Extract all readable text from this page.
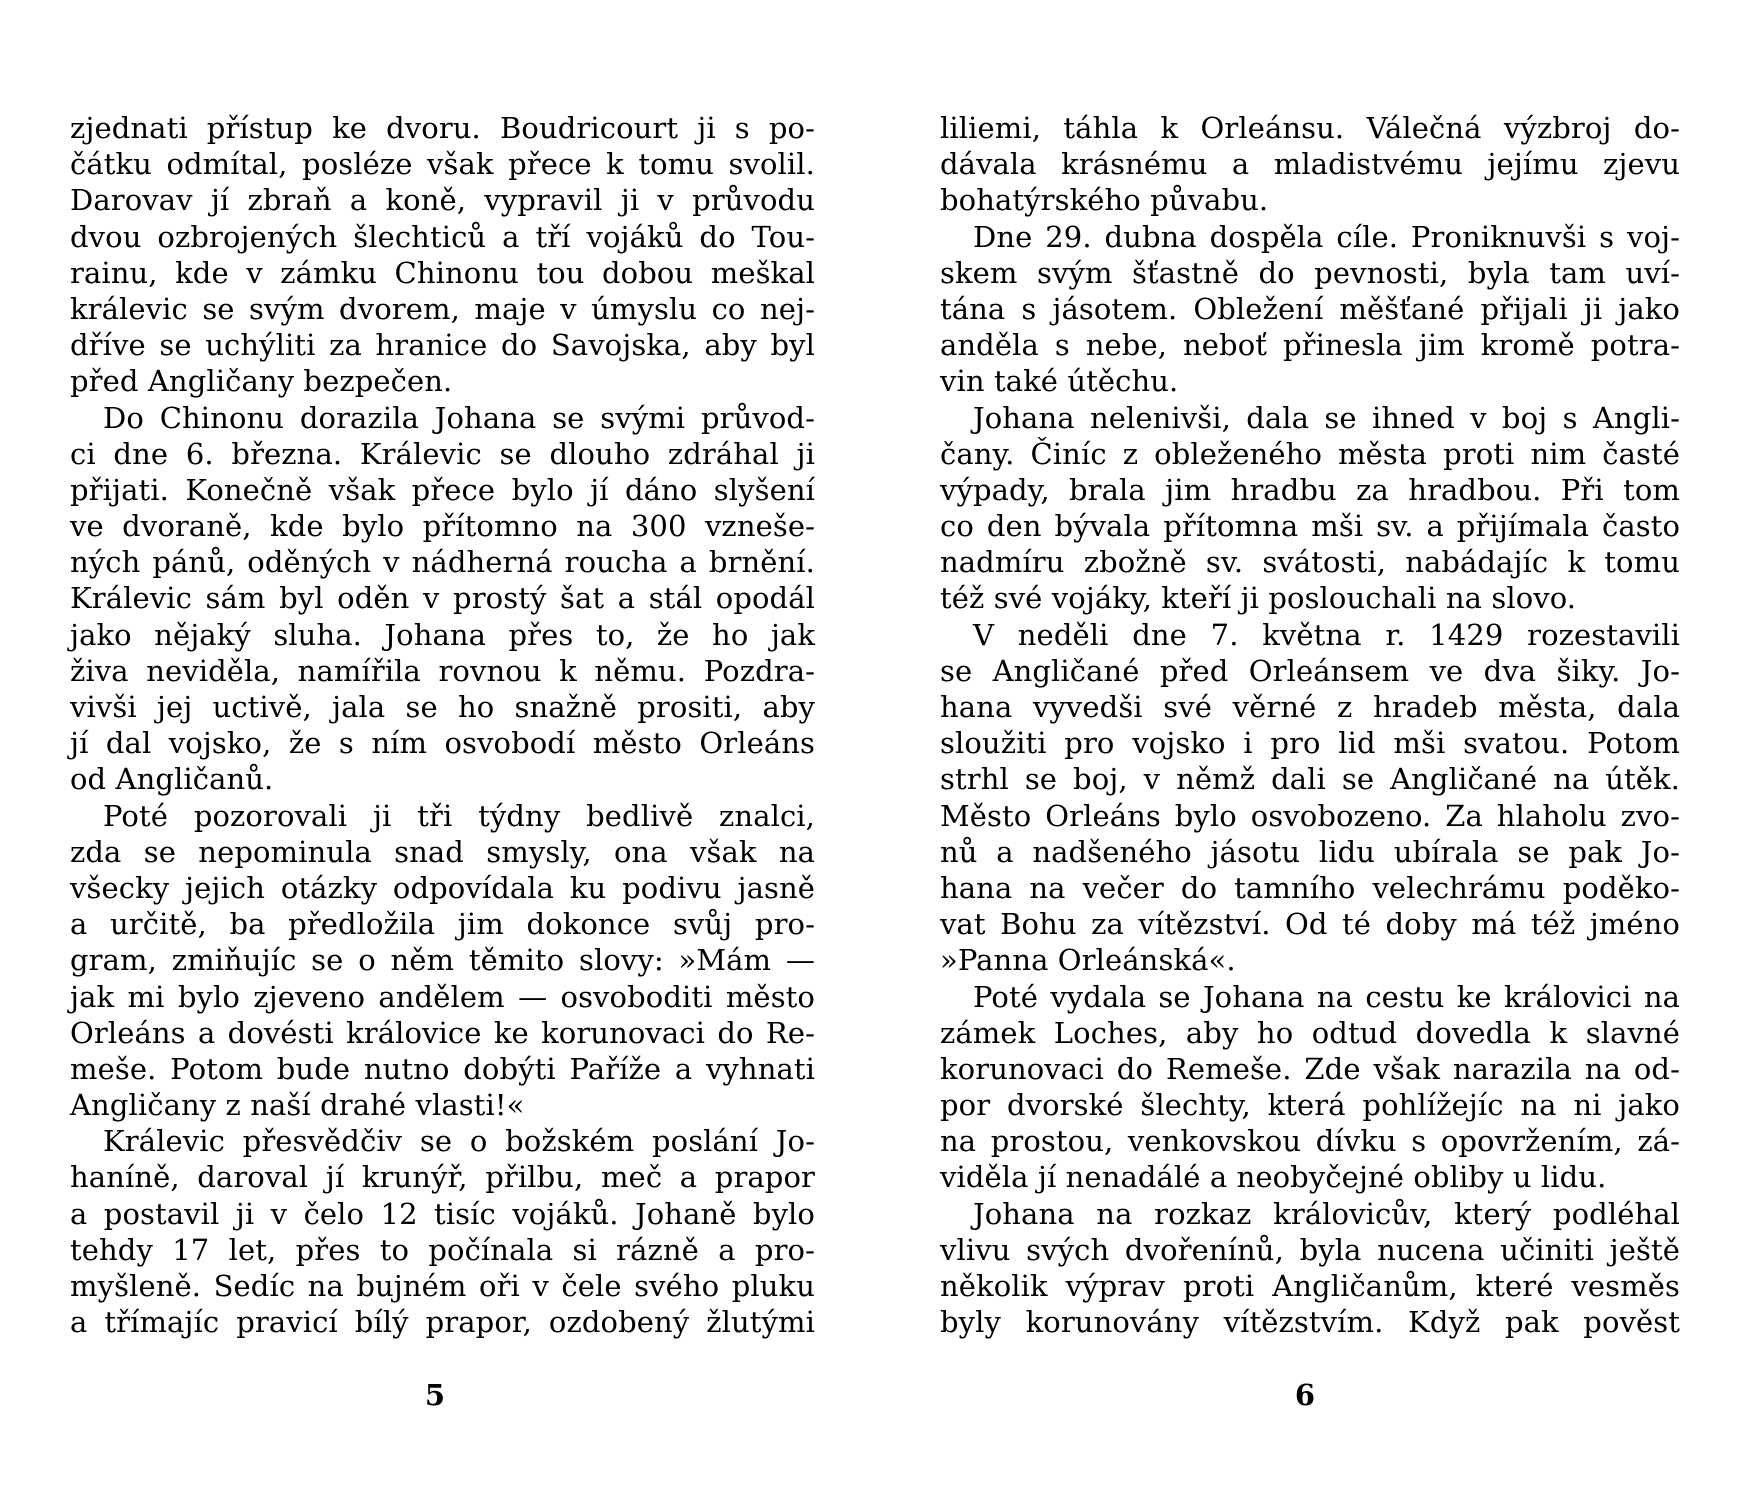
zjednati přístup ke dvoru. Boudricourt ji s po-
čátku odmítal, posléze však přece k tomu svolil.
Darovav jí zbraň a koně, vypravil ji v průvodu
dvou ozbrojených šlechticů a tří vojáků do Tou-
rainu, kde v zámku Chinonu tou dobou meškal
králevic se svým dvorem, maje v úmyslu co nej-
dříve se uchýliti za hranice do Savojska, aby byl
před Angličany bezpečen.
Do Chinonu dorazila Johana se svými průvod-
ci dne 6. března. Králevic se dlouho zdráhal ji
přijati. Konečně však přece bylo jí dáno slyšení
ve dvoraně, kde bylo přítomno na 300 vzneše-
ných pánů, oděných v nádherná roucha a brnění.
Králevic sám byl oděn v prostý šat a stál opodál
jako nějaký sluha. Johana přes to, že ho jak
živa neviděla, namířila rovnou k němu. Pozdra-
vivši jej uctivě, jala se ho snažně prositi, aby
jí dal vojsko, že s ním osvobodí město Orleáns
od Angličanů.
Poté pozorovali ji tři týdny bedlivě znalci,
zda se nepominula snad smysly, ona však na
všecky jejich otázky odpovídala ku podivu jasně
a určitě, ba předložila jim dokonce svůj pro-
gram, zmiňujíc se o něm těmito slovy: »Mám —
jak mi bylo zjeveno andělem — osvoboditi město
Orleáns a dovésti královice ke korunovaci do Re-
meše. Potom bude nutno dobýti Paříže a vyhnati
Angličany z naší drahé vlasti!«
Králevic přesvědčiv se o božském poslání Jo-
haníně, daroval jí krunýř, přilbu, meč a prapor
a postavil ji v čelo 12 tisíc vojáků. Johaně bylo
tehdy 17 let, přes to počínala si rázně a pro-
myšleně. Sedíc na bujném oři v čele svého pluku
a třímajíc pravicí bílý prapor, ozdobený žlutými
liliemi, táhla k Orleánsu. Válečná výzbroj do-
dávala krásnému a mladistvému jejímu zjevu
bohatýrského půvabu.
Dne 29. dubna dospěla cíle. Proniknuvši s voj-
skem svým šťastně do pevnosti, byla tam uví-
tána s jásotem. Obležení měšťané přijali ji jako
anděla s nebe, neboť přinesla jim kromě potra-
vin také útěchu.
Johana nelenivši, dala se ihned v boj s Angli-
čany. Činíc z obleženého města proti nim časté
výpady, brala jim hradbu za hradbou. Při tom
co den bývala přítomna mši sv. a přijímala často
nadmíru zbožně sv. svátosti, nabádajíc k tomu
též své vojáky, kteří ji poslouchali na slovo.
V neděli dne 7. května r. 1429 rozestavili
se Angličané před Orleánsem ve dva šiky. Jo-
hana vyvedši své věrné z hradeb města, dala
sloužiti pro vojsko i pro lid mši svatou. Potom
strhl se boj, v němž dali se Angličané na útěk.
Město Orleáns bylo osvobozeno. Za hlaholu zvo-
nů a nadšeného jásotu lidu ubírala se pak Jo-
hana na večer do tamního velechrámu poděko-
vat Bohu za vítězství. Od té doby má též jméno
»Panna Orleánská«.
Poté vydala se Johana na cestu ke královici na
zámek Loches, aby ho odtud dovedla k slavné
korunovaci do Remeše. Zde však narazila na od-
por dvorské šlechty, která pohlížejíc na ni jako
na prostou, venkovskou dívku s opovržením, zá-
viděla jí nenadálé a neobyčejné obliby u lidu.
Johana na rozkaz královicův, který podléhal
vlivu svých dvořenínů, byla nucena učiniti ještě
několik výprav proti Angličanům, které vesměs
byly korunovány vítězstvím. Když pak pověst
5	6
